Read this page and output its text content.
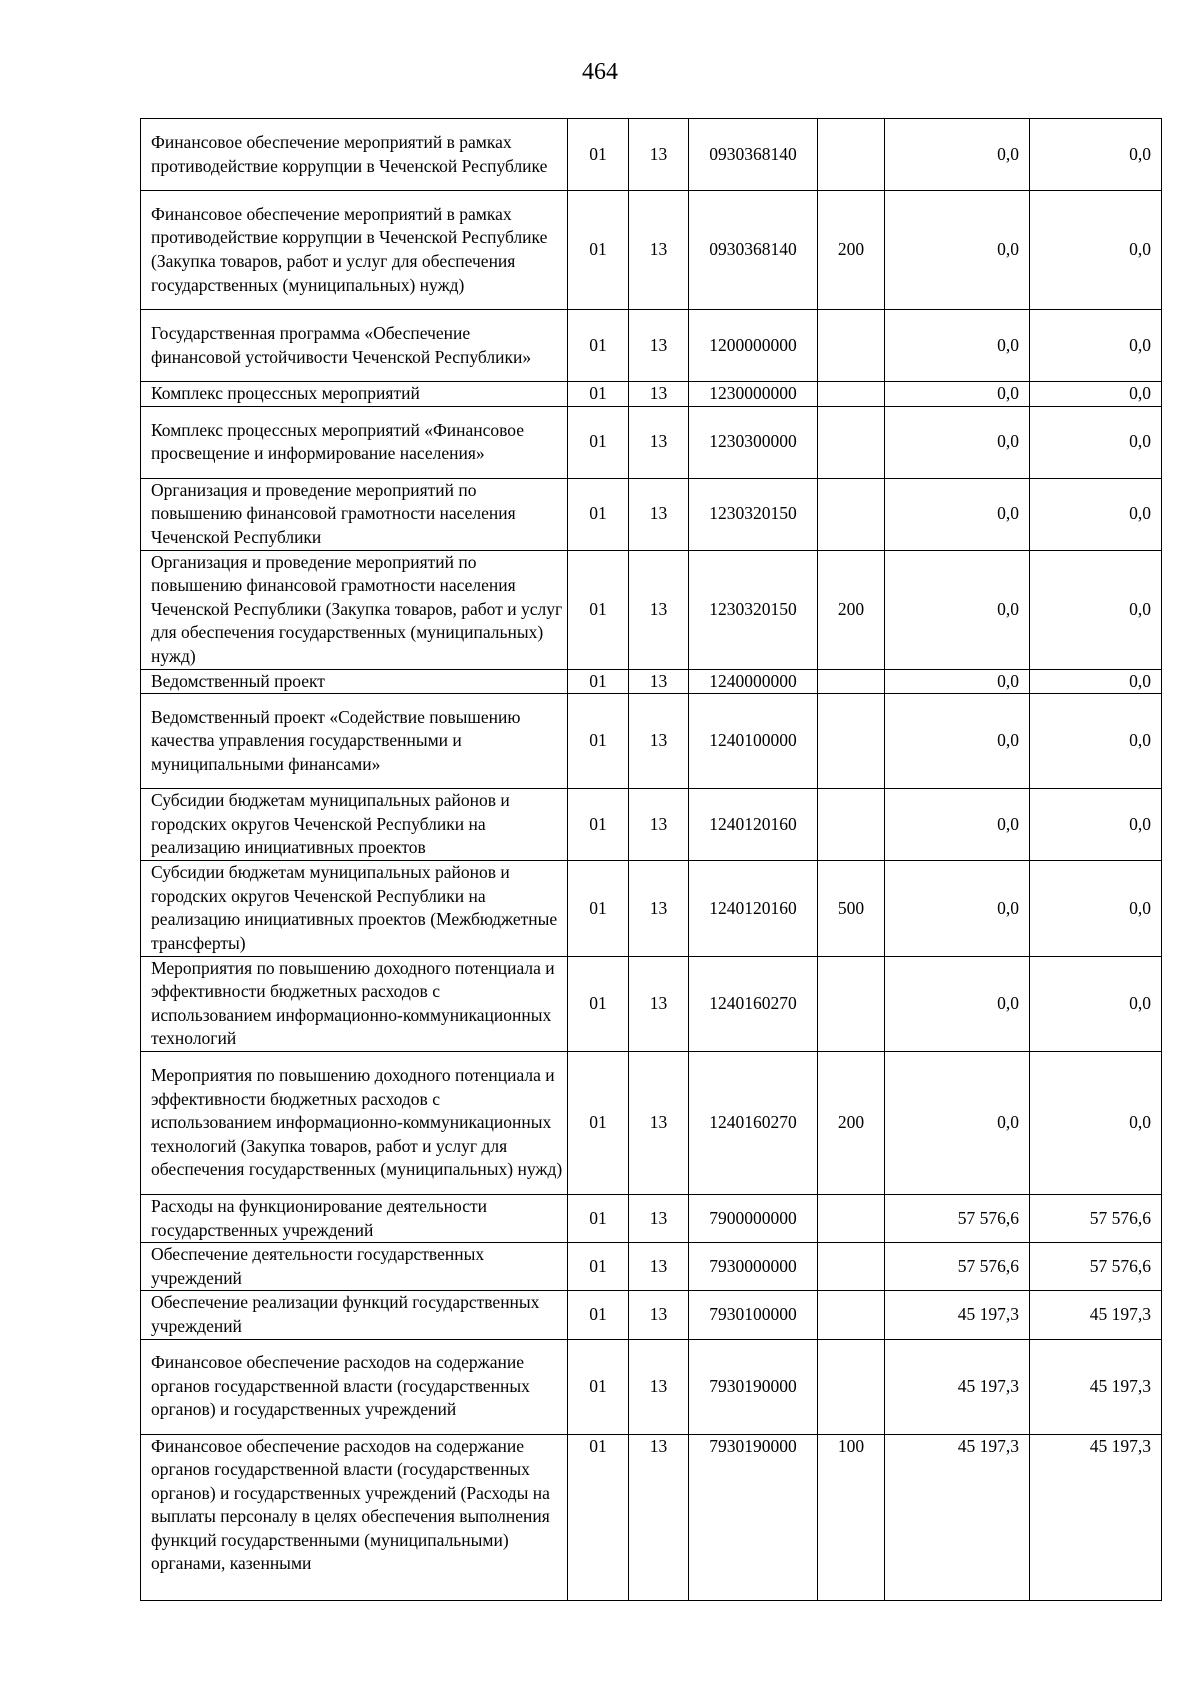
464
Финансовое обеспечение мероприятий в рамках противодействие коррупции в Чеченской Республике	01	13	0930368140		0,0	0,0
Финансовое обеспечение мероприятий в рамках противодействие коррупции в Чеченской Республике (Закупка товаров, работ и услуг для обеспечения государственных (муниципальных) нужд)	01	13	0930368140	200	0,0	0,0
Государственная программа «Обеспечение финансовой устойчивости Чеченской Республики»	01	13	1200000000		0,0	0,0
Комплекс процессных мероприятий	01	13	1230000000		0,0	0,0
Комплекс процессных мероприятий «Финансовое просвещение и информирование населения»	01	13	1230300000		0,0	0,0
Организация и проведение мероприятий по повышению финансовой грамотности населения Чеченской Республики	01	13	1230320150		0,0	0,0
Организация и проведение мероприятий по повышению финансовой грамотности населения Чеченской Республики (Закупка товаров, работ и услуг для обеспечения государственных (муниципальных) нужд)	01	13	1230320150	200	0,0	0,0
Ведомственный проект	01	13	1240000000		0,0	0,0
Ведомственный проект «Содействие повышению качества управления государственными и муниципальными финансами»	01	13	1240100000		0,0	0,0
Субсидии бюджетам муниципальных районов и городских округов Чеченской Республики на реализацию инициативных проектов	01	13	1240120160		0,0	0,0
Субсидии бюджетам муниципальных районов и городских округов Чеченской Республики на реализацию инициативных проектов (Межбюджетные трансферты)	01	13	1240120160	500	0,0	0,0
Мероприятия по повышению доходного потенциала и эффективности бюджетных расходов с использованием информационно-коммуникационных технологий	01	13	1240160270		0,0	0,0
Мероприятия по повышению доходного потенциала и эффективности бюджетных расходов с использованием информационно-коммуникационных технологий (Закупка товаров, работ и услуг для обеспечения государственных (муниципальных) нужд)	01	13	1240160270	200	0,0	0,0
Расходы на функционирование деятельности государственных учреждений	01	13	7900000000		57 576,6	57 576,6
Обеспечение деятельности государственных учреждений	01	13	7930000000		57 576,6	57 576,6
Обеспечение реализации функций государственных учреждений	01	13	7930100000		45 197,3	45 197,3
Финансовое обеспечение расходов на содержание органов государственной власти (государственных органов) и государственных учреждений	01	13	7930190000		45 197,3	45 197,3
Финансовое обеспечение расходов на содержание органов государственной власти (государственных органов) и государственных учреждений (Расходы на выплаты персоналу в целях обеспечения выполнения функций государственными (муниципальными) органами, казенными	01	13	7930190000	100	45 197,3	45 197,3
